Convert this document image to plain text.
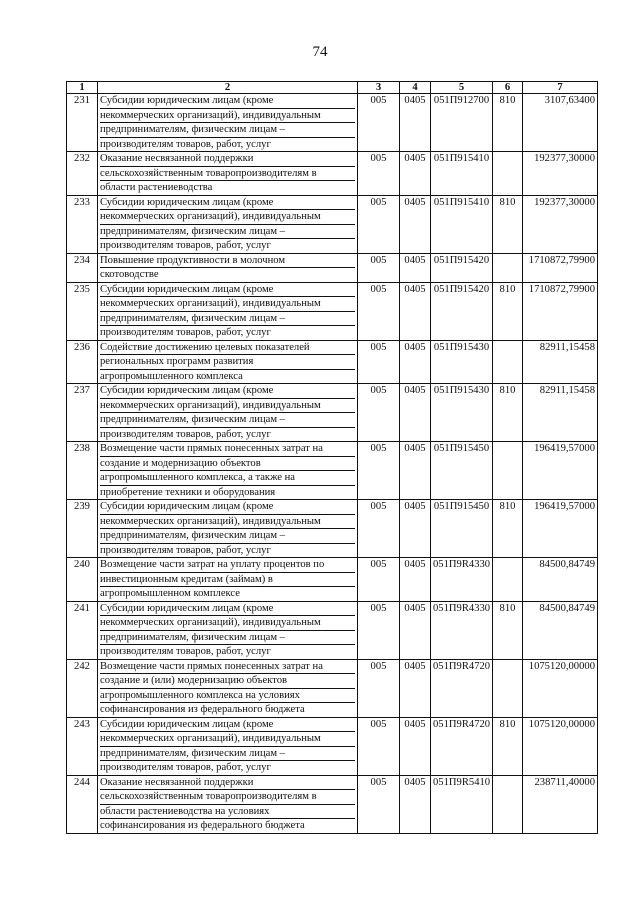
74
1	2	3	4	5	6	7
231	Субсидии юридическим лицам (кроме
некоммерческих организаций), индивидуальным
предпринимателям, физическим лицам –
производителям товаров, работ, услуг	005	0405	051П912700	810	3107,63400
232	Оказание несвязанной поддержки
сельскохозяйственным товаропроизводителям в
области растениеводства	005	0405	051П915410		192377,30000
233	Субсидии юридическим лицам (кроме
некоммерческих организаций), индивидуальным
предпринимателям, физическим лицам –
производителям товаров, работ, услуг	005	0405	051П915410	810	192377,30000
234	Повышение продуктивности в молочном
скотоводстве	005	0405	051П915420		1710872,79900
235	Субсидии юридическим лицам (кроме
некоммерческих организаций), индивидуальным
предпринимателям, физическим лицам –
производителям товаров, работ, услуг	005	0405	051П915420	810	1710872,79900
236	Содействие достижению целевых показателей
региональных программ развития
агропромышленного комплекса	005	0405	051П915430		82911,15458
237	Субсидии юридическим лицам (кроме
некоммерческих организаций), индивидуальным
предпринимателям, физическим лицам –
производителям товаров, работ, услуг	005	0405	051П915430	810	82911,15458
238	Возмещение части прямых понесенных затрат на
создание и модернизацию объектов
агропромышленного комплекса, а также на
приобретение техники и оборудования	005	0405	051П915450		196419,57000
239	Субсидии юридическим лицам (кроме
некоммерческих организаций), индивидуальным
предпринимателям, физическим лицам –
производителям товаров, работ, услуг	005	0405	051П915450	810	196419,57000
240	Возмещение части затрат на уплату процентов по
инвестиционным кредитам (займам) в
агропромышленном комплексе	005	0405	051П9R4330		84500,84749
241	Субсидии юридическим лицам (кроме
некоммерческих организаций), индивидуальным
предпринимателям, физическим лицам –
производителям товаров, работ, услуг	005	0405	051П9R4330	810	84500,84749
242	Возмещение части прямых понесенных затрат на
создание и (или) модернизацию объектов
агропромышленного комплекса на условиях
софинансирования из федерального бюджета	005	0405	051П9R4720		1075120,00000
243	Субсидии юридическим лицам (кроме
некоммерческих организаций), индивидуальным
предпринимателям, физическим лицам –
производителям товаров, работ, услуг	005	0405	051П9R4720	810	1075120,00000
244	Оказание несвязанной поддержки
сельскохозяйственным товаропроизводителям в
области растениеводства на условиях
софинансирования из федерального бюджета	005	0405	051П9R5410		238711,40000
